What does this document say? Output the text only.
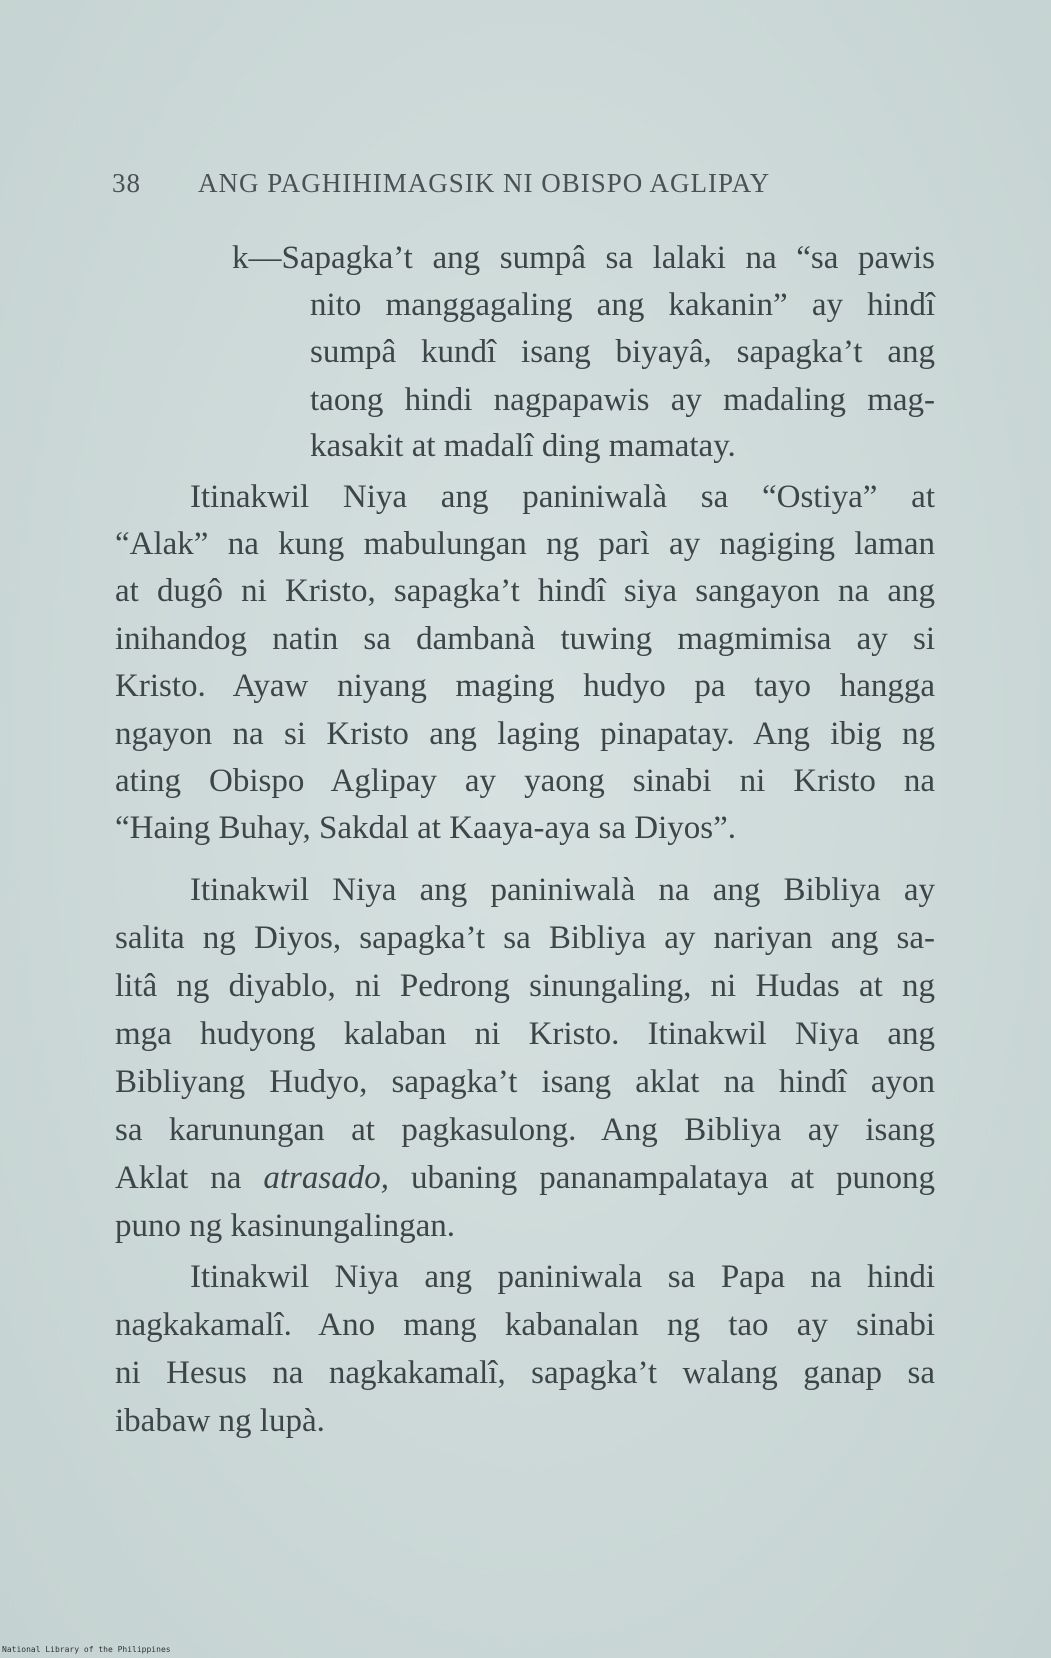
38 ANG PAGHIHIMAGSIK NI OBISPO AGLIPAY
k—Sapagka’t ang sumpâ sa lalaki na “sa pawis
nito manggagaling ang kakanin” ay hindî
sumpâ kundî isang biyayâ, sapagka’t ang
taong hindi nagpapawis ay madaling mag-
kasakit at madalî ding mamatay.
Itinakwil Niya ang paniniwalà sa “Ostiya” at
“Alak” na kung mabulungan ng parì ay nagiging laman
at dugô ni Kristo, sapagka’t hindî siya sangayon na ang
inihandog natin sa dambanà tuwing magmimisa ay si
Kristo. Ayaw niyang maging hudyo pa tayo hangga
ngayon na si Kristo ang laging pinapatay. Ang ibig ng
ating Obispo Aglipay ay yaong sinabi ni Kristo na
“Haing Buhay, Sakdal at Kaaya-aya sa Diyos”.
Itinakwil Niya ang paniniwalà na ang Bibliya ay
salita ng Diyos, sapagka’t sa Bibliya ay nariyan ang sa-
litâ ng diyablo, ni Pedrong sinungaling, ni Hudas at ng
mga hudyong kalaban ni Kristo. Itinakwil Niya ang
Bibliyang Hudyo, sapagka’t isang aklat na hindî ayon
sa karunungan at pagkasulong. Ang Bibliya ay isang
Aklat na atrasado, ubaning pananampalataya at punong
puno ng kasinungalingan.
Itinakwil Niya ang paniniwala sa Papa na hindi
nagkakamalî. Ano mang kabanalan ng tao ay sinabi
ni Hesus na nagkakamalî, sapagka’t walang ganap sa
ibabaw ng lupà.
National Library of the Philippines
